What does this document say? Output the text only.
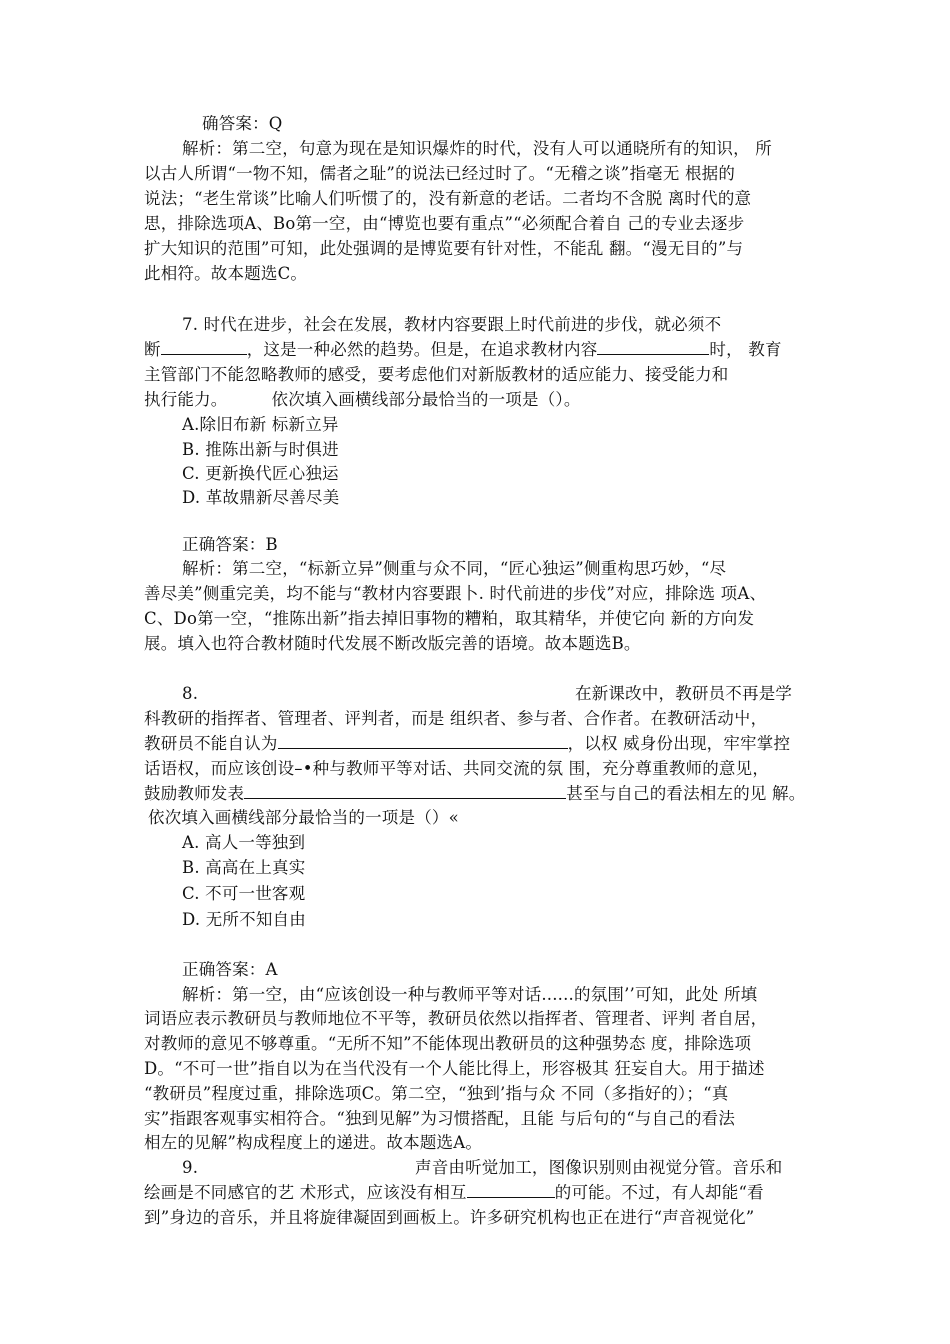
确答案：Q
解析：第二空，句意为现在是知识爆炸的时代，没有人可以通晓所有的知识， 所
以古人所谓“一物不知，儒者之耻”的说法已经过时了。“无稽之谈”指毫无 根据的
说法；“老生常谈”比喻人们听惯了的，没有新意的老话。二者均不含脱 离时代的意
思，排除选项A、Bo第一空，由“博览也要有重点”“必须配合着自 己的专业去逐步
扩大知识的范围”可知，此处强调的是博览要有针对性，不能乱 翻。“漫无目的”与
此相符。故本题选C。
7. 时代在进步，社会在发展，教材内容要跟上时代前进的步伐，就必须不
断	，这是一种必然的趋势。但是，在追求教材内容	时， 教育
主管部门不能忽略教师的感受，要考虑他们对新版教材的适应能力、接受能力和
执行能力。	依次填入画横线部分最恰当的一项是（）。
A.除旧布新 标新立异
B. 推陈出新与时俱进
C. 更新换代匠心独运
D. 革故鼎新尽善尽美
正确答案：B
解析：第二空，“标新立异”侧重与众不同，“匠心独运”侧重构思巧妙，“尽
善尽美”侧重完美，均不能与“教材内容要跟卜. 时代前进的步伐”对应，排除选 项A、
C、Do第一空，“推陈出新”指去掉旧事物的糟粕，取其精华，并使它向 新的方向发
展。填入也符合教材随时代发展不断改版完善的语境。故本题选B。
8.	在新课改中，教研员不再是学
科教研的指挥者、管理者、评判者，而是 组织者、参与者、合作者。在教研活动屮，
教研员不能自认为	，以权 威身份出现，牢牢掌控
话语权，而应该创设–•种与教师平等对话、共同交流的氛 围，充分尊重教师的意见，
鼓励教师发表	甚至与自己的看法相左的见 解。
依次填入画横线部分最恰当的一项是（）«
A. 高人一等独到
B. 高高在上真实
C. 不可一世客观
D. 无所不知自由
正确答案：A
解析：第一空，由“应该创设一种与教师平等对话......的氛围’’可知，此处 所填
词语应表示教研员与教师地位不平等，教研员依然以指挥者、管理者、评判 者自居，
对教师的意见不够尊重。“无所不知”不能体现出教研员的这种强势态 度，排除选项
D。“不可一世”指自以为在当代没有一个人能比得上，形容极其 狂妄自大。用于描述
“教研员”程度过重，排除选项C。第二空，“独到’指与众 不同（多指好的）；“真
实”指跟客观事实相符合。“独到见解”为习惯搭配，且能 与后句的“与自己的看法
相左的见解”构成程度上的递进。故本题选A。
9.	声音由听觉加工，图像识别则由视觉分管。音乐和
绘画是不同感官的艺 术形式，应该没有相互	的可能。不过，有人却能“看
到”身边的音乐，并且将旋律凝固到画板上。许多研究机构也正在进行“声音视觉化”
